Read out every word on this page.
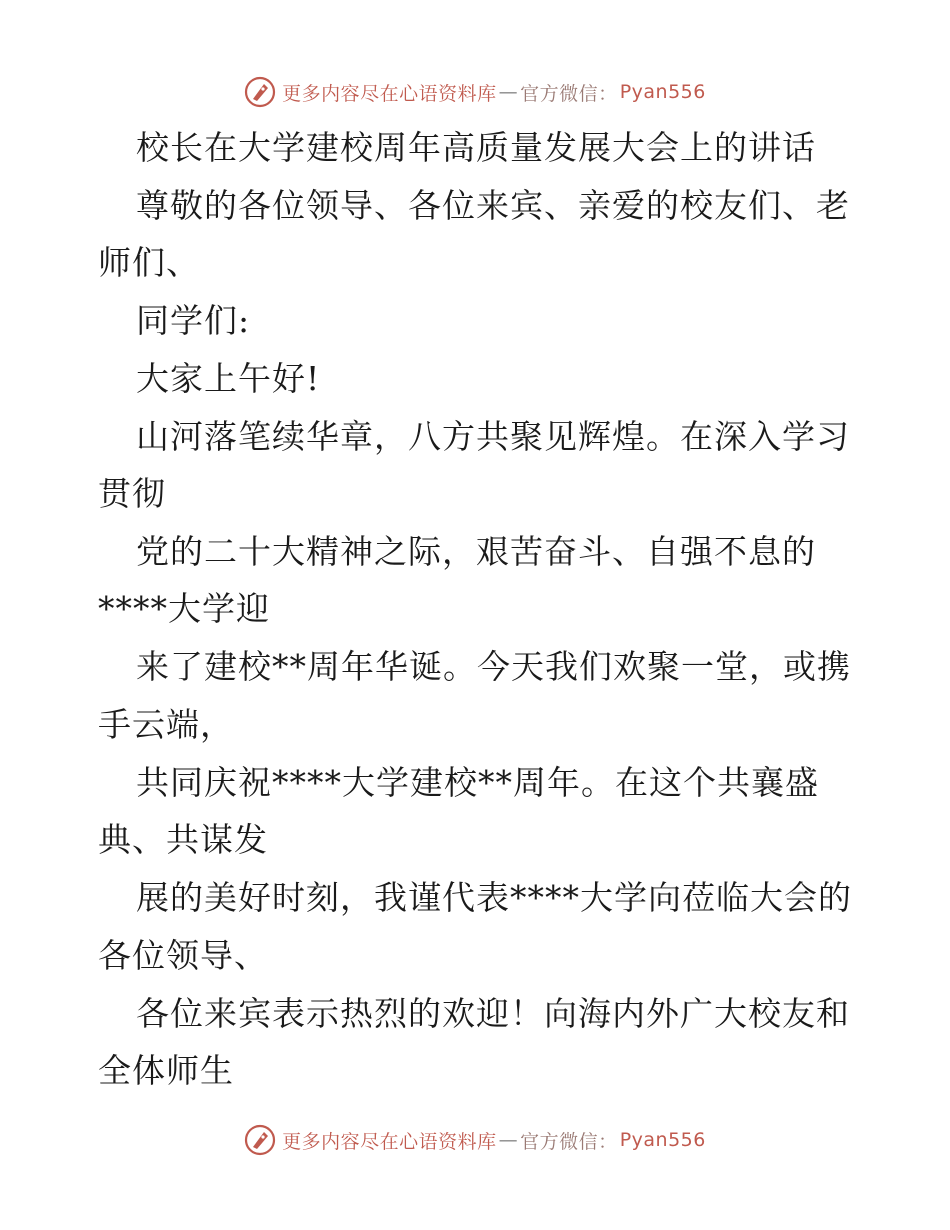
更多内容尽在心语资料库 — 官方微信： Pyan556
校长在大学建校周年高质量发展大会上的讲话
尊敬的各位领导、各位来宾、亲爱的校友们、老
师们、
同学们:
大家上午好!
山河落笔续华章，八方共聚见辉煌。在深入学习
贯彻
党的二十大精神之际，艰苦奋斗、自强不息的
****大学迎
来了建校**周年华诞。今天我们欢聚一堂，或携
手云端，
共同庆祝****大学建校**周年。在这个共襄盛
典、共谋发
展的美好时刻，我谨代表****大学向莅临大会的
各位领导、
各位来宾表示热烈的欢迎！向海内外广大校友和
全体师生
更多内容尽在心语资料库 — 官方微信： Pyan556
